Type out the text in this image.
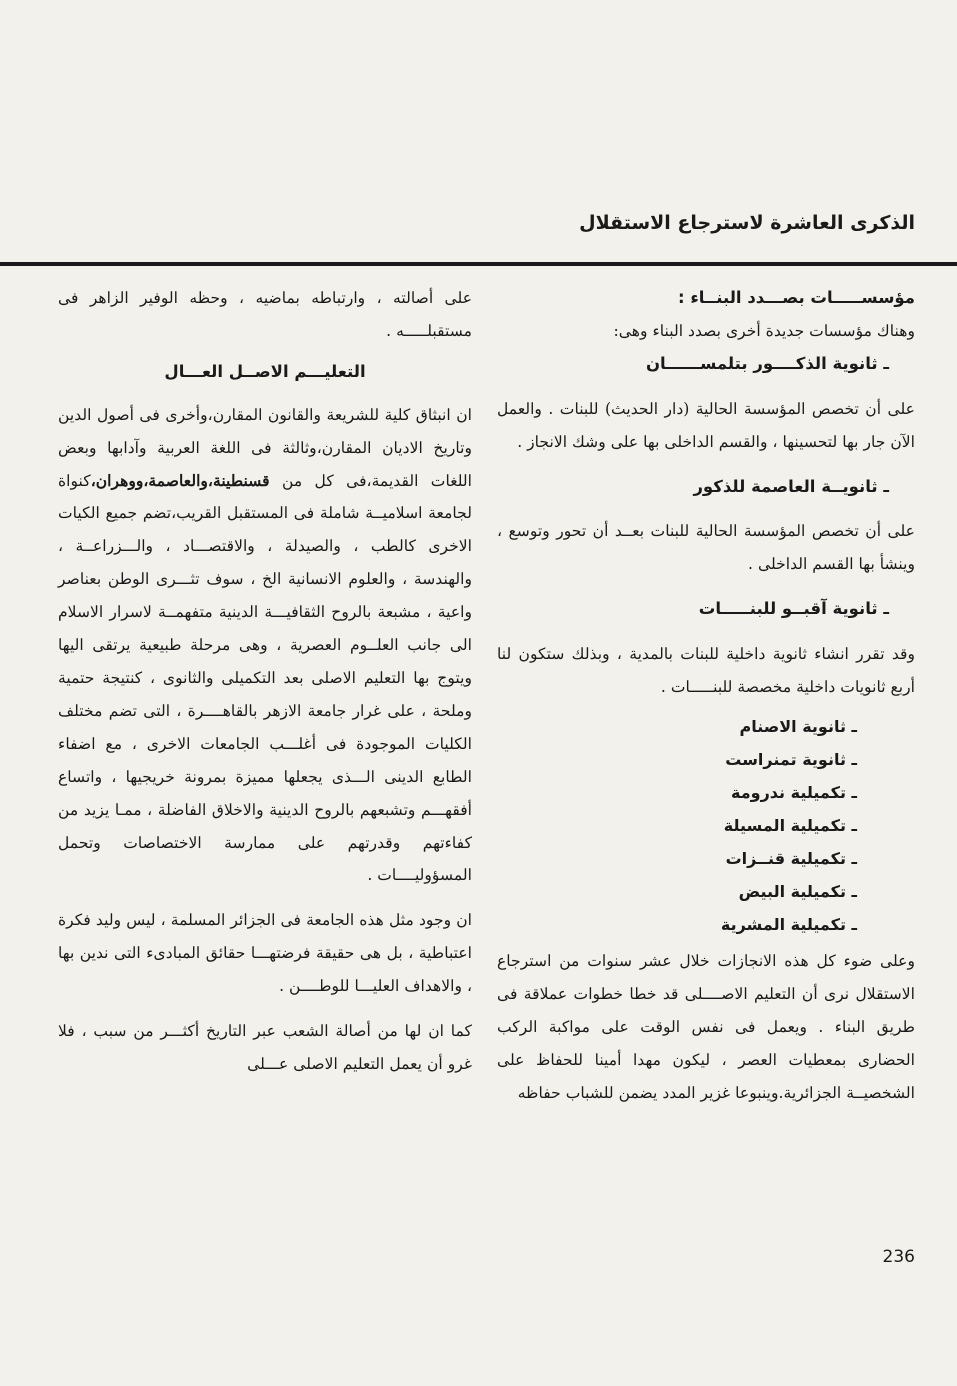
الذكرى العاشرة لاسترجاع الاستقلال

مؤسســـــات بصـــدد البنــاء :

وهناك مؤسسات جديدة أخرى بصدد البناء وهى:

ـ ثانوية الذكــــور بتلمســــــان

على أن تخصص المؤسسة الحالية (دار الحديث) للبنات . والعمل الآن جار بها لتحسينها ، والقسم الداخلى بها على وشك الانجاز .

ـ ثانويــة العاصمة للذكور

على أن تخصص المؤسسة الحالية للبنات بعــد أن تحور وتوسع ، وينشأ بها القسم الداخلى .

ـ ثانوية آقبــو للبنـــــات

وقد تقرر انشاء ثانوية داخلية للبنات بالمدية ، وبذلك ستكون لنا أربع ثانويات داخلية مخصصة للبنـــــات .

ـ ثانوية الاصنام
ـ ثانوية تمنراست
ـ تكميلية ندرومة
ـ تكميلية المسيلة
ـ تكميلية قنــزات
ـ تكميلية البيض
ـ تكميلية المشرية

وعلى ضوء كل هذه الانجازات خلال عشر سنوات من استرجاع الاستقلال نرى أن التعليم الاصــــلى قد خطا خطوات عملاقة فى طريق البناء . ويعمل فى نفس الوقت على مواكبة الركب الحضارى بمعطيات العصر ، ليكون مهدا أمينا للحفاظ على الشخصيــة الجزائرية.وينبوعا غزير المدد يضمن للشباب حفاظه

على أصالته ، وارتباطه بماضيه ، وحظه الوفير الزاهر فى مستقبلـــــه .

التعليـــم الاصــل العـــال

ان انبثاق كلية للشريعة والقانون المقارن،وأخرى فى أصول الدين وتاريخ الاديان المقارن،وثالثة فى اللغة العربية وآدابها وبعض اللغات القديمة،فى كل من قسنطينة،والعاصمة،ووهران،كنواة لجامعة اسلاميــة شاملة فى المستقبل القريب،تضم جميع الكيات الاخرى كالطب ، والصيدلة ، والاقتصـــاد ، والـــزراعــة ، والهندسة ، والعلوم الانسانية الخ ، سوف تثـــرى الوطن بعناصر واعية ، مشبعة بالروح الثقافيـــة الدينية متفهمــة لاسرار الاسلام الى جانب العلــوم العصرية ، وهى مرحلة طبيعية يرتقى اليها ويتوج بها التعليم الاصلى بعد التكميلى والثانوى ، كنتيجة حتمية وملحة ، على غرار جامعة الازهر بالقاهــــرة ، التى تضم مختلف الكليات الموجودة فى أغلـــب الجامعات الاخرى ، مع اضفاء الطابع الدينى الـــذى يجعلها مميزة بمرونة خريجيها ، واتساع أفقهـــم وتشبعهم بالروح الدينية والاخلاق الفاضلة ، ممـا يزيد من كفاءتهم وقدرتهم على ممارسة الاختصاصات وتحمل المسؤوليــــات .

ان وجود مثل هذه الجامعة فى الجزائر المسلمة ، ليس وليد فكرة اعتباطية ، بل هى حقيقة فرضتهـــا حقائق المبادىء التى ندين بها ، والاهداف العليـــا للوطــــن .

كما ان لها من أصالة الشعب عبر التاريخ أكثـــر من سبب ، فلا غرو أن يعمل التعليم الاصلى عـــلى

236
